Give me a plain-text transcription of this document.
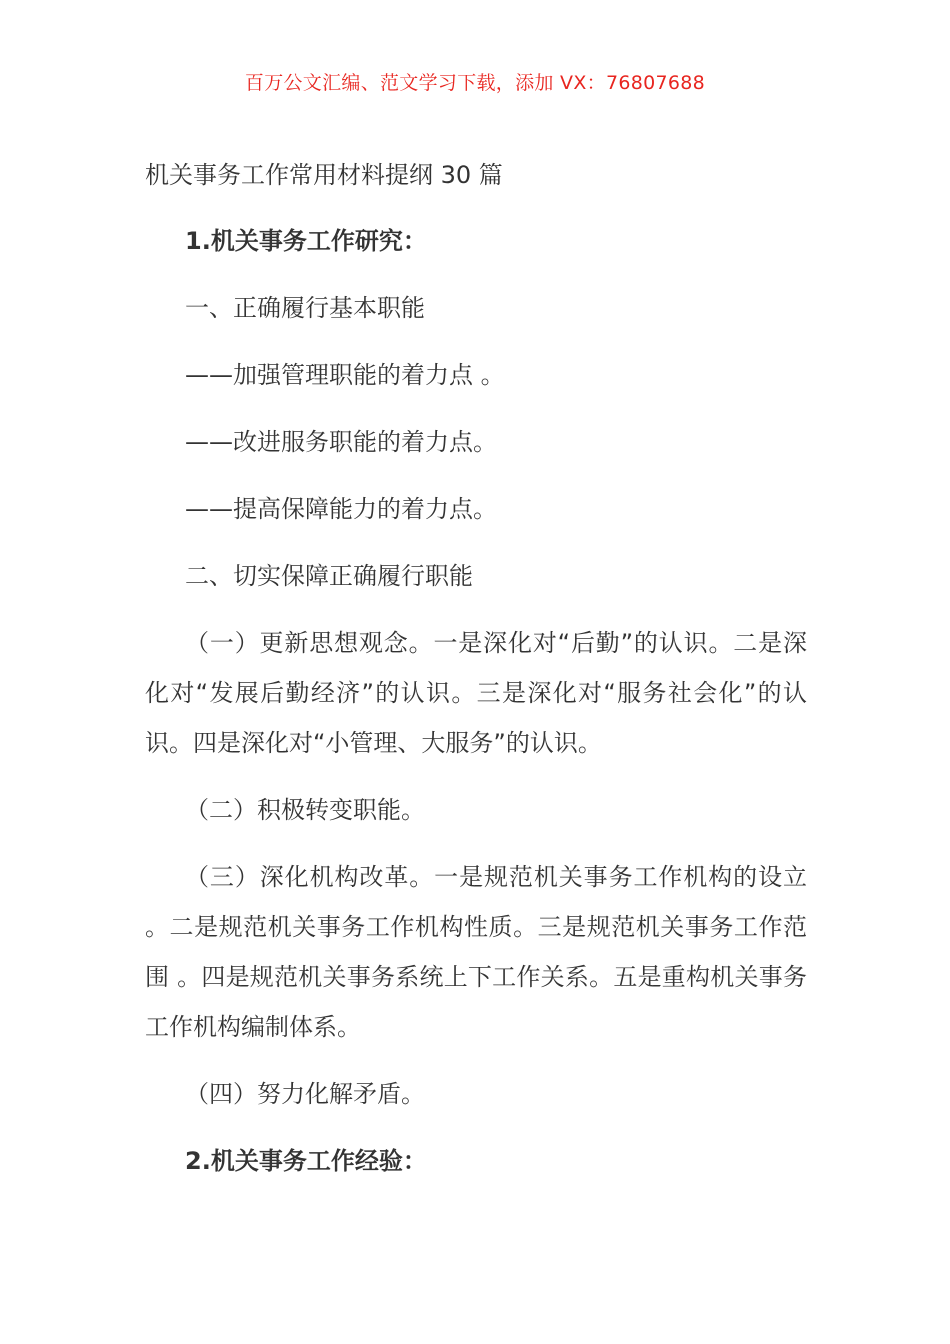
百万公文汇编、范文学习下载，添加 VX：76807688

机关事务工作常用材料提纲 30 篇

1.机关事务工作研究：

一、正确履行基本职能

——加强管理职能的着力点 。

——改进服务职能的着力点。

——提高保障能力的着力点。

二、切实保障正确履行职能

（一）更新思想观念。一是深化对“后勤”的认识。二是深化对“发展后勤经济”的认识。三是深化对“服务社会化”的认识。四是深化对“小管理、大服务”的认识。

（二）积极转变职能。

（三）深化机构改革。一是规范机关事务工作机构的设立 。二是规范机关事务工作机构性质。三是规范机关事务工作范围 。四是规范机关事务系统上下工作关系。五是重构机关事务工作机构编制体系。

（四）努力化解矛盾。

2.机关事务工作经验：
